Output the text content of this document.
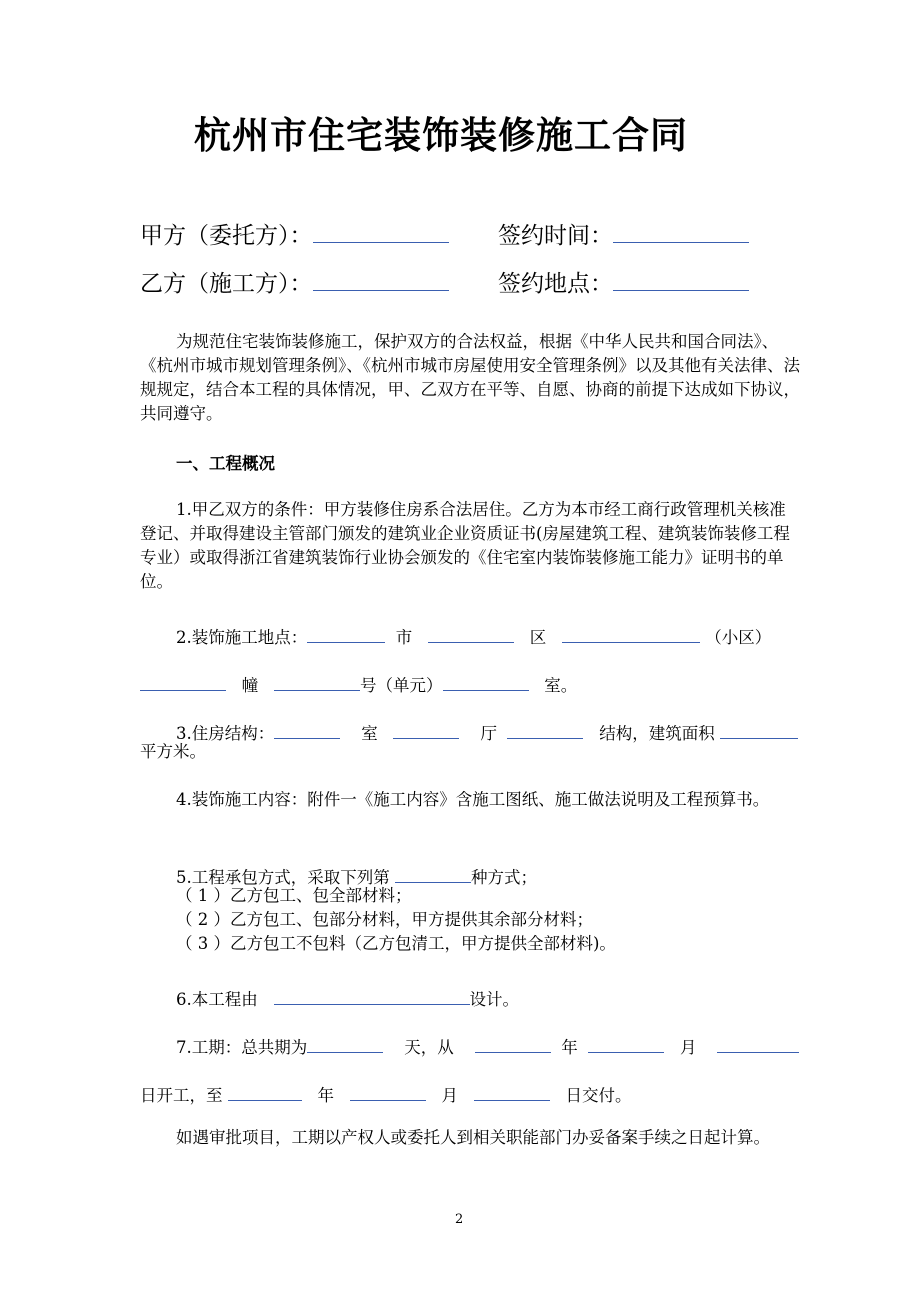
杭州市住宅装饰装修施工合同
甲方（委托方）：	签约时间：
乙方（施工方）：	签约地点：
为规范住宅装饰装修施工，保护双方的合法权益，根据《中华人民共和国合同法》、 《杭州市城市规划管理条例》、《杭州市城市房屋使用安全管理条例》以及其他有关法律、法规规定，结合本工程的具体情况，甲、乙双方在平等、自愿、协商的前提下达成如下协议，共同遵守。
一、工程概况
1.甲乙双方的条件：甲方装修住房系合法居住。乙方为本市经工商行政管理机关核准登记、并取得建设主管部门颁发的建筑业企业资质证书(房屋建筑工程、建筑装饰装修工程专业）或取得浙江省建筑装饰行业协会颁发的《住宅室内装饰装修施工能力》证明书的单位。
2.装饰施工地点：	市	区	（小区）
幢	号（单元）	室。
3.住房结构：	室	厅	结构，建筑面积
平方米。
4.装饰施工内容：附件一《施工内容》含施工图纸、施工做法说明及工程预算书。
5.工程承包方式，采取下列第	种方式；
（ 1 ）乙方包工、包全部材料；
（ 2 ）乙方包工、包部分材料，甲方提供其余部分材料；
（ 3 ）乙方包工不包料（乙方包清工，甲方提供全部材料)。
6.本工程由	设计。
7.工期：总共期为	天，从	年	月
日开工，至	年	月	日交付。
如遇审批项目，工期以产权人或委托人到相关职能部门办妥备案手续之日起计算。
2
